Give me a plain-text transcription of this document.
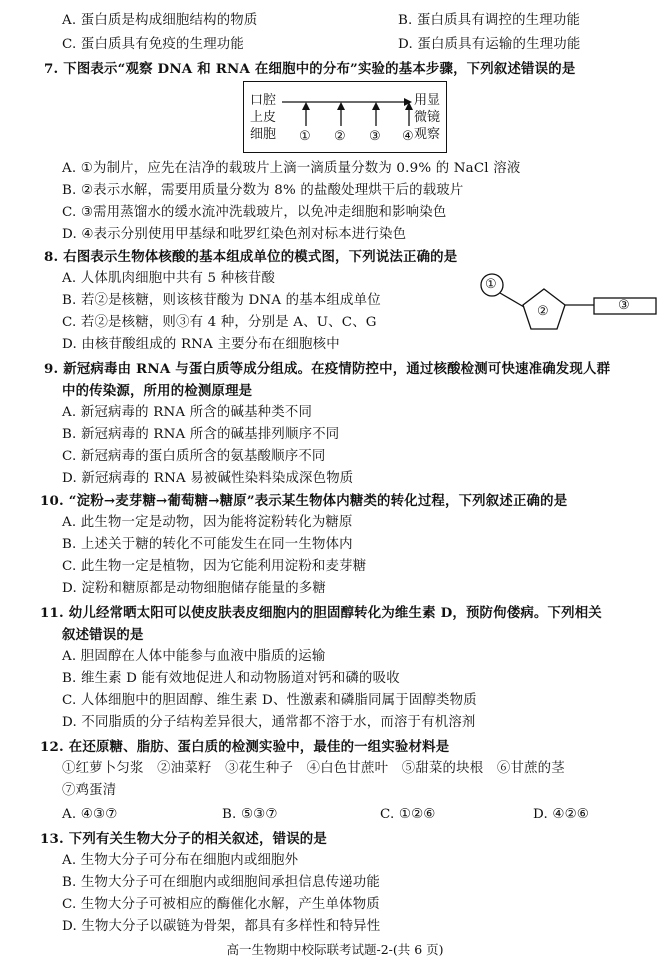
A. 蛋白质是构成细胞结构的物质	B. 蛋白质具有调控的生理功能
C. 蛋白质具有免疫的生理功能	D. 蛋白质具有运输的生理功能
7. 下图表示“观察 DNA 和 RNA 在细胞中的分布”实验的基本步骤，下列叙述错误的是
口腔
上皮
细胞
用显
微镜
观察
① ② ③ ④
A. ①为制片，应先在洁净的载玻片上滴一滴质量分数为 0.9% 的 NaCl 溶液
B. ②表示水解，需要用质量分数为 8% 的盐酸处理烘干后的载玻片
C. ③需用蒸馏水的缓水流冲洗载玻片，以免冲走细胞和影响染色
D. ④表示分别使用甲基绿和吡罗红染色剂对标本进行染色
8. 右图表示生物体核酸的基本组成单位的模式图，下列说法正确的是
A. 人体肌肉细胞中共有 5 种核苷酸
B. 若②是核糖，则该核苷酸为 DNA 的基本组成单位
C. 若②是核糖，则③有 4 种，分别是 A、U、C、G
D. 由核苷酸组成的 RNA 主要分布在细胞核中
①
②	③
9. 新冠病毒由 RNA 与蛋白质等成分组成。在疫情防控中，通过核酸检测可快速准确发现人群
中的传染源，所用的检测原理是
A. 新冠病毒的 RNA 所含的碱基种类不同
B. 新冠病毒的 RNA 所含的碱基排列顺序不同
C. 新冠病毒的蛋白质所含的氨基酸顺序不同
D. 新冠病毒的 RNA 易被碱性染料染成深色物质
10. “淀粉→麦芽糖→葡萄糖→糖原”表示某生物体内糖类的转化过程，下列叙述正确的是
A. 此生物一定是动物，因为能将淀粉转化为糖原
B. 上述关于糖的转化不可能发生在同一生物体内
C. 此生物一定是植物，因为它能利用淀粉和麦芽糖
D. 淀粉和糖原都是动物细胞储存能量的多糖
11. 幼儿经常晒太阳可以使皮肤表皮细胞内的胆固醇转化为维生素 D，预防佝偻病。下列相关
叙述错误的是
A. 胆固醇在人体中能参与血液中脂质的运输
B. 维生素 D 能有效地促进人和动物肠道对钙和磷的吸收
C. 人体细胞中的胆固醇、维生素 D、性激素和磷脂同属于固醇类物质
D. 不同脂质的分子结构差异很大，通常都不溶于水，而溶于有机溶剂
12. 在还原糖、脂肪、蛋白质的检测实验中，最佳的一组实验材料是
①红萝卜匀浆　②油菜籽　③花生种子　④白色甘蔗叶　⑤甜菜的块根　⑥甘蔗的茎
⑦鸡蛋清
A. ④③⑦	B. ⑤③⑦	C. ①②⑥	D. ④②⑥
13. 下列有关生物大分子的相关叙述，错误的是
A. 生物大分子可分布在细胞内或细胞外
B. 生物大分子可在细胞内或细胞间承担信息传递功能
C. 生物大分子可被相应的酶催化水解，产生单体物质
D. 生物大分子以碳链为骨架，都具有多样性和特异性
高一生物期中校际联考试题-2-(共 6 页)
